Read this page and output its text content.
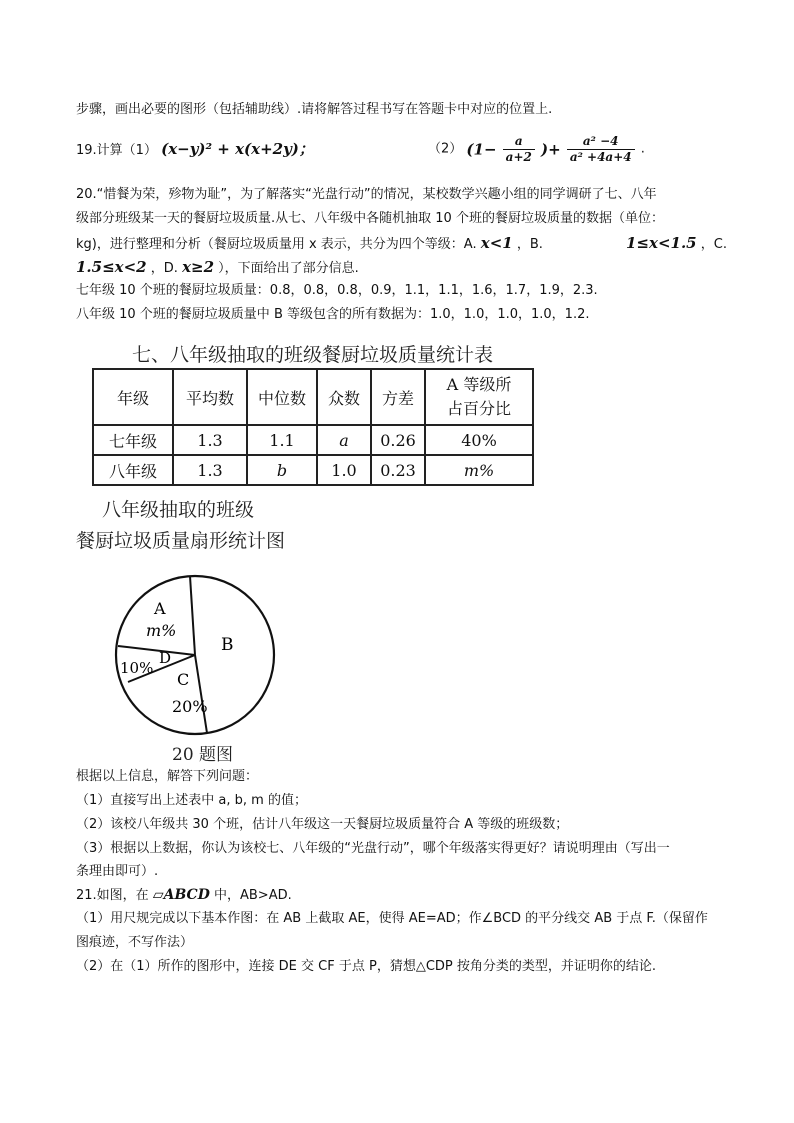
步骤，画出必要的图形（包括辅助线）.请将解答过程书写在答题卡中对应的位置上.
19.计算（1） (x−y)² + x(x+2y)；	（2） ($1- \frac{a}{a+2}$ )+ $\frac{\text{a² −4}}{\text{a² +4a+4}}$ .
20.“惜餐为荣，殄物为耻”，为了解落实“光盘行动”的情况，某校数学兴趣小组的同学调研了七、八年
级部分班级某一天的餐厨垃圾质量.从七、八年级中各随机抽取 10 个班的餐厨垃圾质量的数据（单位：
kg)，进行整理和分析（餐厨垃圾质量用 x 表示，共分为四个等级：A. x<1 ，B.	1≤x<1.5 ，C.
1.5≤x<2 ，D. x≥2 ），下面给出了部分信息.
七年级 10 个班的餐厨垃圾质量：0.8，0.8，0.8，0.9，1.1，1.1，1.6，1.7，1.9，2.3.
八年级 10 个班的餐厨垃圾质量中 B 等级包含的所有数据为：1.0，1.0，1.0，1.0，1.2.
七、八年级抽取的班级餐厨垃圾质量统计表
年级	平均数	中位数	众数	方差	A 等级所
占百分比
七年级	1.3	1.1	a	0.26	40%
八年级	1.3	b	1.0	0.23	m%
八年级抽取的班级
餐厨垃圾质量扇形统计图
A
m%
B
D
10%
C
20%
20 题图
根据以上信息，解答下列问题：
（1）直接写出上述表中 a, b, m 的值；
（2）该校八年级共 30 个班，估计八年级这一天餐厨垃圾质量符合 A 等级的班级数；
（3）根据以上数据，你认为该校七、八年级的“光盘行动”，哪个年级落实得更好？请说明理由（写出一
条理由即可）.
21.如图，在 ▱ABCD 中，AB>AD.
（1）用尺规完成以下基本作图：在 AB 上截取 AE，使得 AE=AD；作∠BCD 的平分线交 AB 于点 F.（保留作
图痕迹，不写作法）
（2）在（1）所作的图形中，连接 DE 交 CF 于点 P，猜想△CDP 按角分类的类型，并证明你的结论.
